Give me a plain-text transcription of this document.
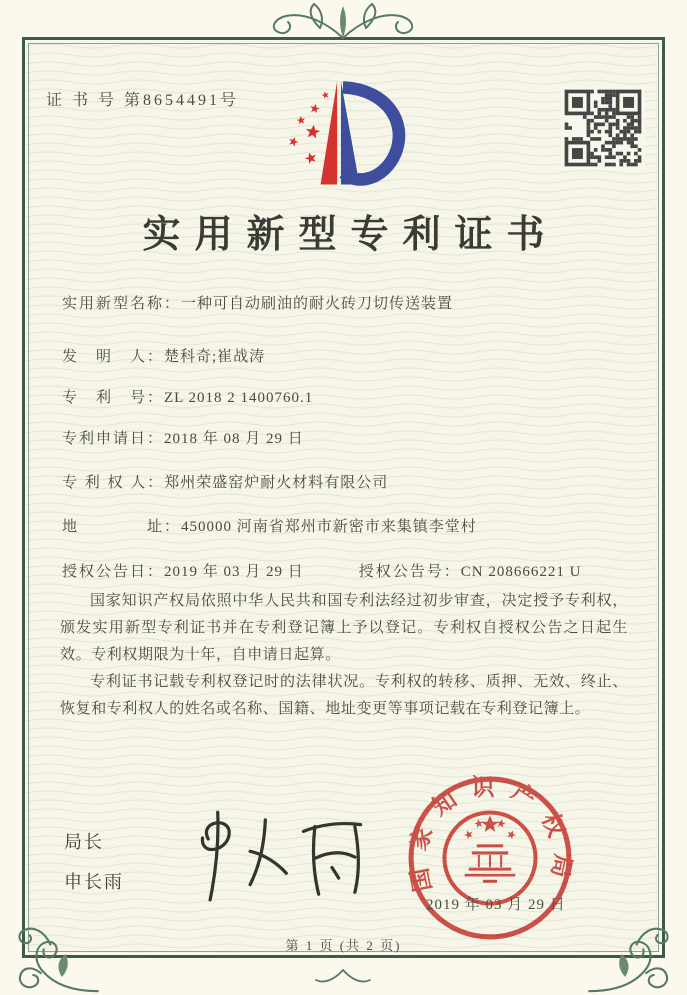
证 书 号 第8654491号
实用新型专利证书
实用新型名称：一种可自动刷油的耐火砖刀切传送装置
发　明　人：楚科奇;崔战涛
专　利　号：ZL 2018 2 1400760.1
专利申请日：2018 年 08 月 29 日
专 利 权 人：郑州荣盛窑炉耐火材料有限公司
地　　　　址：450000 河南省郑州市新密市来集镇李堂村
授权公告日：2019 年 03 月 29 日	授权公告号：CN 208666221 U

国家知识产权局依照中华人民共和国专利法经过初步审查，决定授予专利权，颁发实用新型专利证书并在专利登记簿上予以登记。专利权自授权公告之日起生效。专利权期限为十年，自申请日起算。

专利证书记载专利权登记时的法律状况。专利权的转移、质押、无效、终止、恢复和专利权人的姓名或名称、国籍、地址变更等事项记载在专利登记簿上。

局长
申长雨	国家知识产权局
2019 年 03 月 29 日
第 1 页 (共 2 页)
